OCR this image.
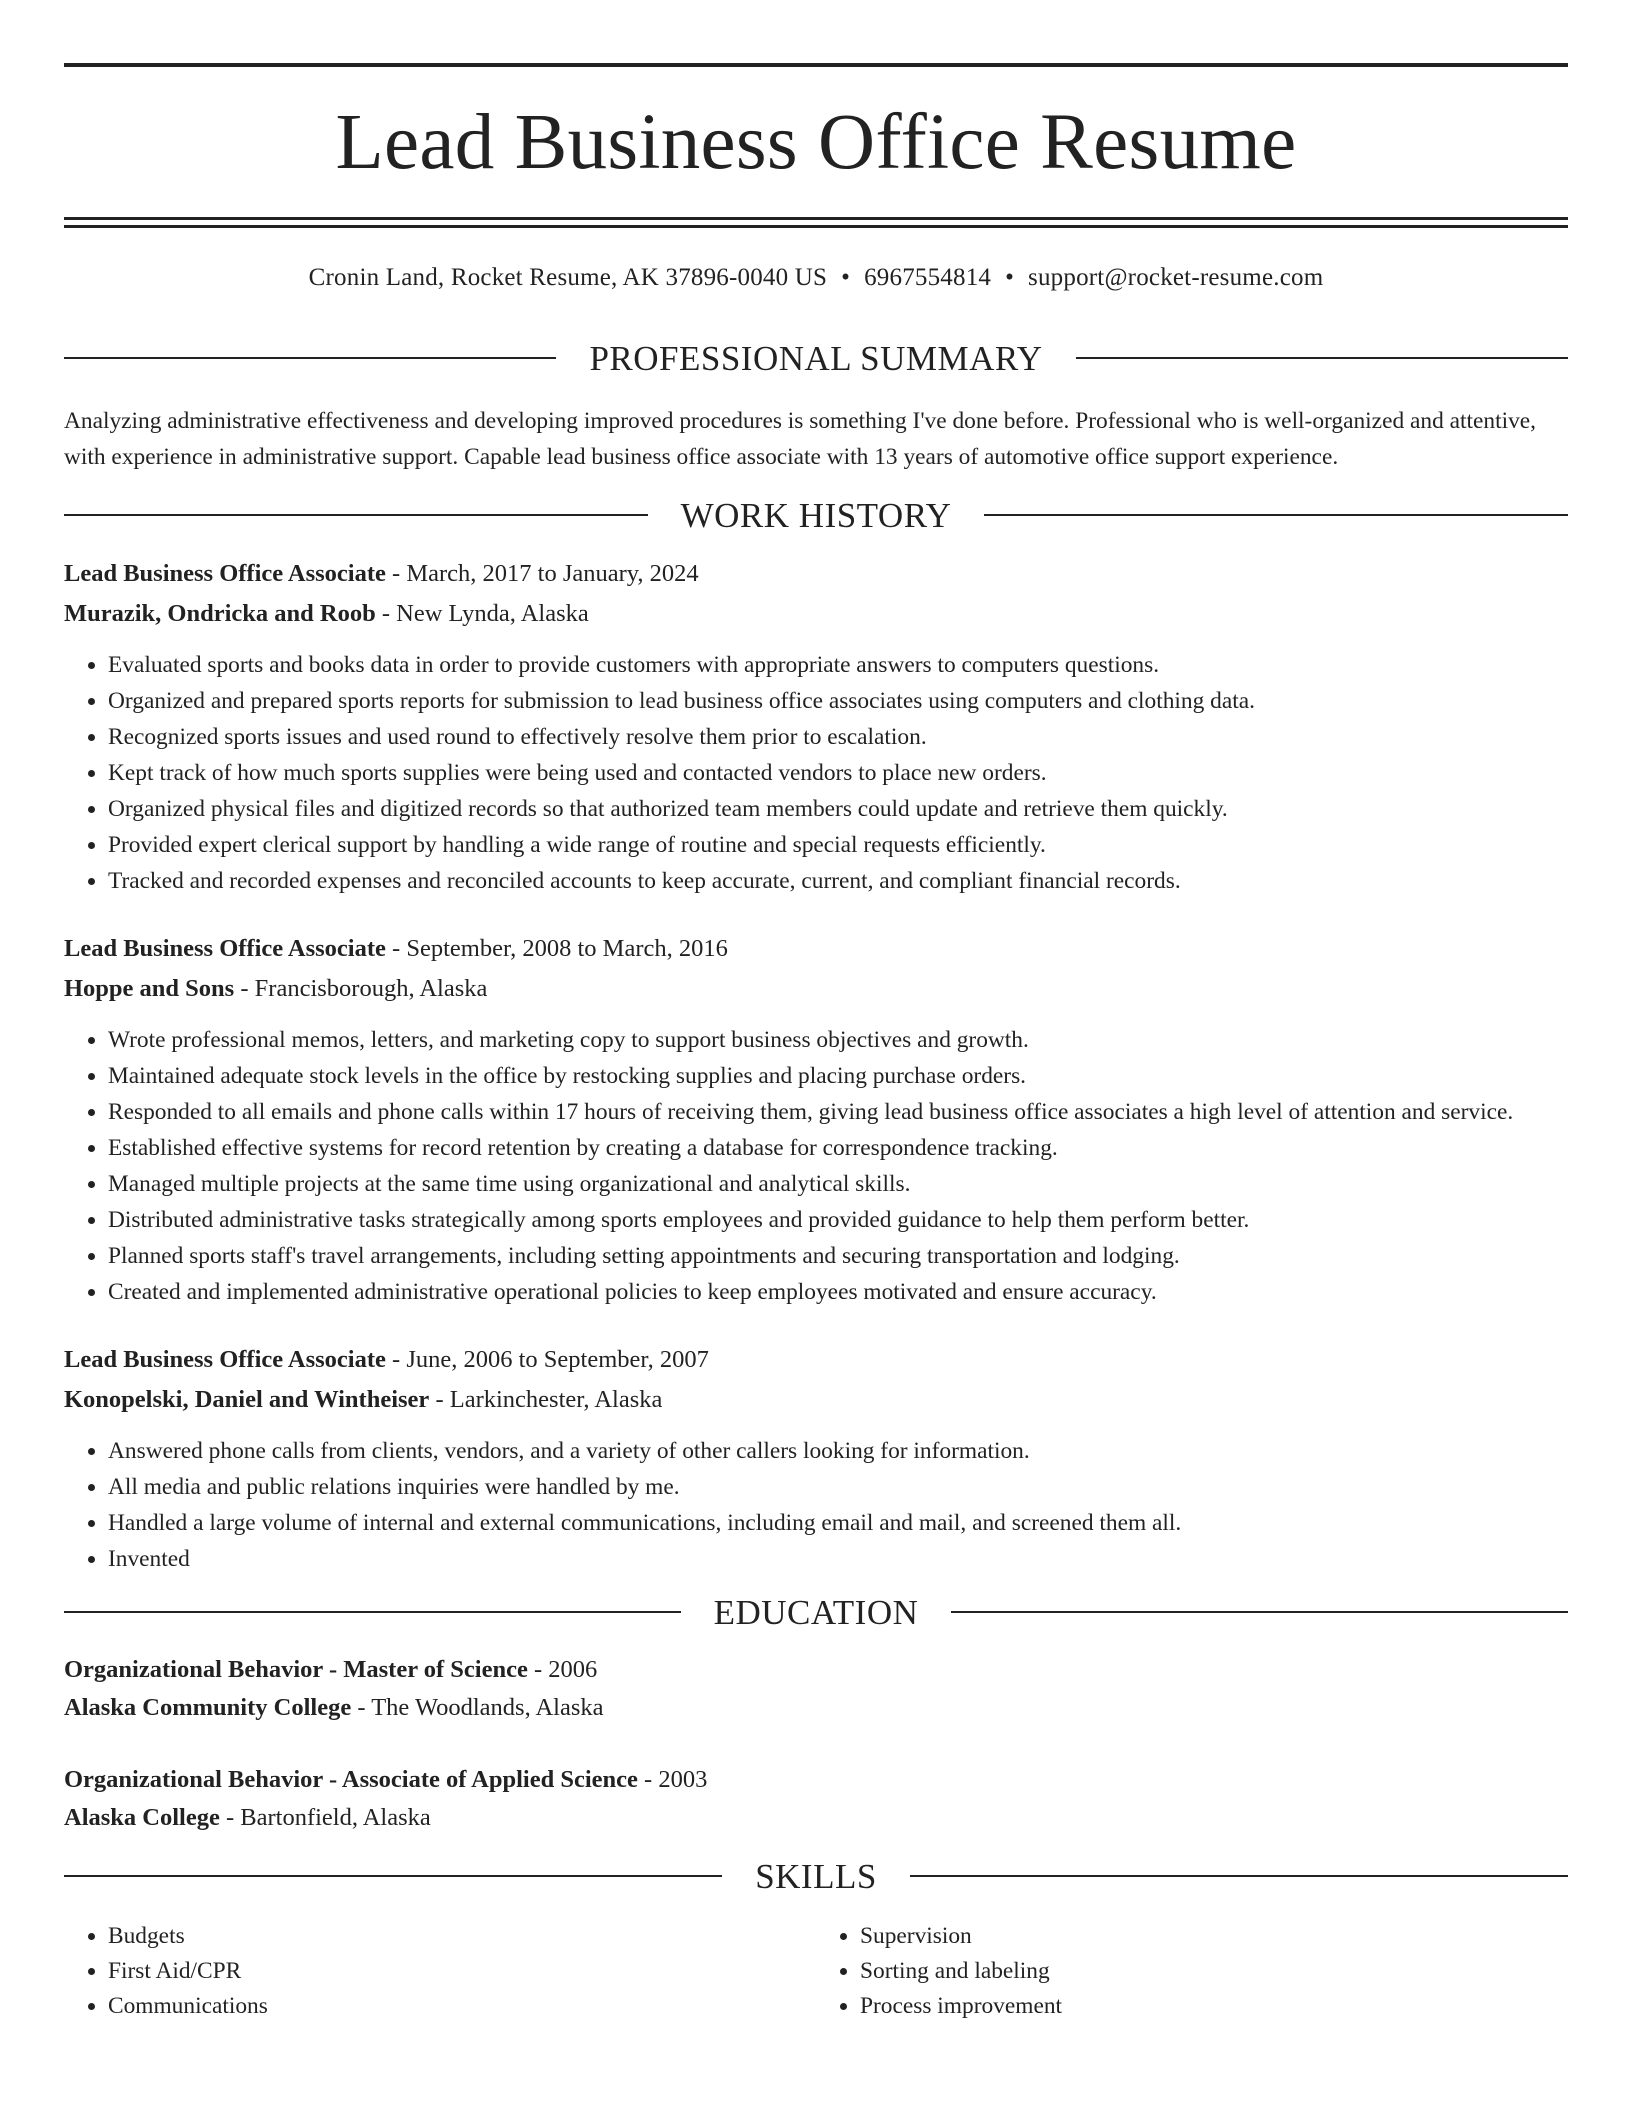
Lead Business Office Resume
Cronin Land, Rocket Resume, AK 37896-0040 US • 6967554814 • support@rocket-resume.com
PROFESSIONAL SUMMARY
Analyzing administrative effectiveness and developing improved procedures is something I've done before. Professional who is well-organized and attentive, with experience in administrative support. Capable lead business office associate with 13 years of automotive office support experience.
WORK HISTORY
Lead Business Office Associate - March, 2017 to January, 2024
Murazik, Ondricka and Roob - New Lynda, Alaska
• Evaluated sports and books data in order to provide customers with appropriate answers to computers questions.
• Organized and prepared sports reports for submission to lead business office associates using computers and clothing data.
• Recognized sports issues and used round to effectively resolve them prior to escalation.
• Kept track of how much sports supplies were being used and contacted vendors to place new orders.
• Organized physical files and digitized records so that authorized team members could update and retrieve them quickly.
• Provided expert clerical support by handling a wide range of routine and special requests efficiently.
• Tracked and recorded expenses and reconciled accounts to keep accurate, current, and compliant financial records.
Lead Business Office Associate - September, 2008 to March, 2016
Hoppe and Sons - Francisborough, Alaska
• Wrote professional memos, letters, and marketing copy to support business objectives and growth.
• Maintained adequate stock levels in the office by restocking supplies and placing purchase orders.
• Responded to all emails and phone calls within 17 hours of receiving them, giving lead business office associates a high level of attention and service.
• Established effective systems for record retention by creating a database for correspondence tracking.
• Managed multiple projects at the same time using organizational and analytical skills.
• Distributed administrative tasks strategically among sports employees and provided guidance to help them perform better.
• Planned sports staff's travel arrangements, including setting appointments and securing transportation and lodging.
• Created and implemented administrative operational policies to keep employees motivated and ensure accuracy.
Lead Business Office Associate - June, 2006 to September, 2007
Konopelski, Daniel and Wintheiser - Larkinchester, Alaska
• Answered phone calls from clients, vendors, and a variety of other callers looking for information.
• All media and public relations inquiries were handled by me.
• Handled a large volume of internal and external communications, including email and mail, and screened them all.
• Invented
EDUCATION
Organizational Behavior - Master of Science - 2006
Alaska Community College - The Woodlands, Alaska
Organizational Behavior - Associate of Applied Science - 2003
Alaska College - Bartonfield, Alaska
SKILLS
• Budgets
• First Aid/CPR
• Communications
• Supervision
• Sorting and labeling
• Process improvement
